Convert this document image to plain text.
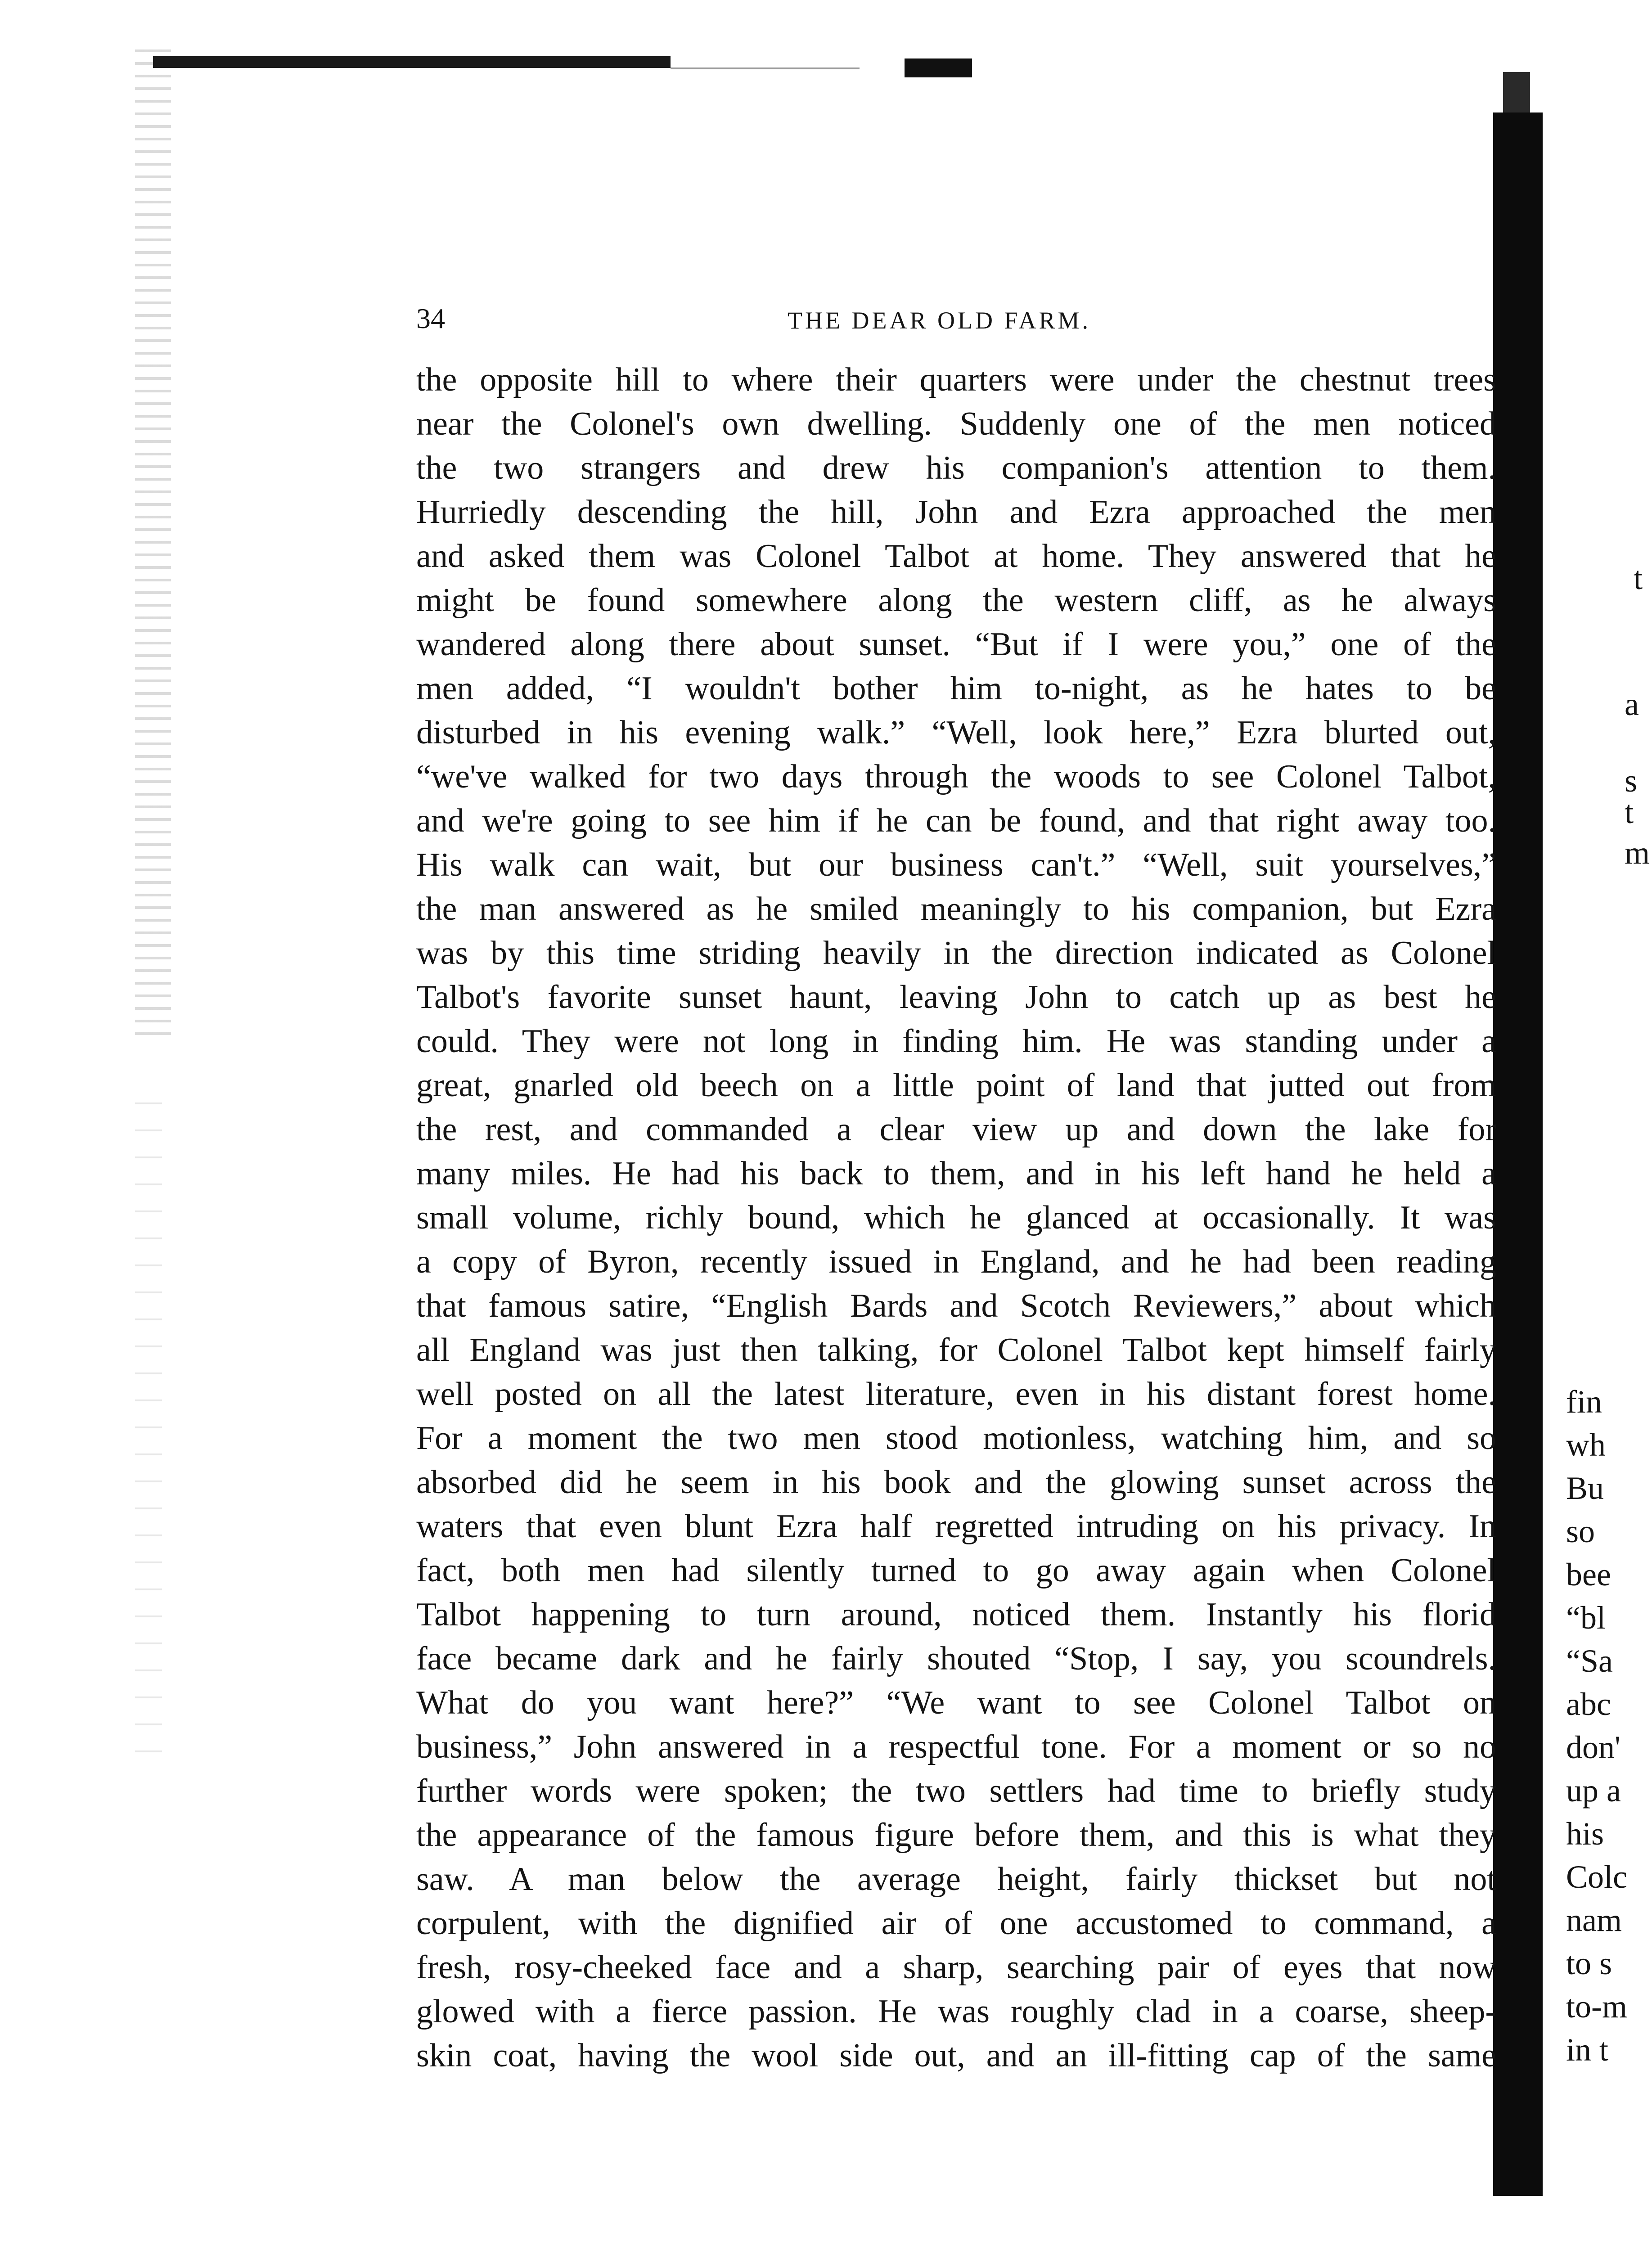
34	THE DEAR OLD FARM.
the opposite hill to where their quarters were under the chestnut trees
near the Colonel's own dwelling. Suddenly one of the men noticed
the two strangers and drew his companion's attention to them.
Hurriedly descending the hill, John and Ezra approached the men
and asked them was Colonel Talbot at home. They answered that he
might be found somewhere along the western cliff, as he always
wandered along there about sunset. “But if I were you,” one of the
men added, “I wouldn't bother him to-night, as he hates to be
disturbed in his evening walk.” “Well, look here,” Ezra blurted out,
“we've walked for two days through the woods to see Colonel Talbot,
and we're going to see him if he can be found, and that right away too.
His walk can wait, but our business can't.” “Well, suit yourselves,”
the man answered as he smiled meaningly to his companion, but Ezra
was by this time striding heavily in the direction indicated as Colonel
Talbot's favorite sunset haunt, leaving John to catch up as best he
could. They were not long in finding him. He was standing under a
great, gnarled old beech on a little point of land that jutted out from
the rest, and commanded a clear view up and down the lake for
many miles. He had his back to them, and in his left hand he held a
small volume, richly bound, which he glanced at occasionally. It was
a copy of Byron, recently issued in England, and he had been reading
that famous satire, “English Bards and Scotch Reviewers,” about which
all England was just then talking, for Colonel Talbot kept himself fairly
well posted on all the latest literature, even in his distant forest home.
For a moment the two men stood motionless, watching him, and so
absorbed did he seem in his book and the glowing sunset across the
waters that even blunt Ezra half regretted intruding on his privacy. In
fact, both men had silently turned to go away again when Colonel
Talbot happening to turn around, noticed them. Instantly his florid
face became dark and he fairly shouted “Stop, I say, you scoundrels.
What do you want here?” “We want to see Colonel Talbot on
business,” John answered in a respectful tone. For a moment or so no
further words were spoken; the two settlers had time to briefly study
the appearance of the famous figure before them, and this is what they
saw. A man below the average height, fairly thickset but not
corpulent, with the dignified air of one accustomed to command, a
fresh, rosy-cheeked face and a sharp, searching pair of eyes that now
glowed with a fierce passion. He was roughly clad in a coarse, sheep-
skin coat, having the wool side out, and an ill-fitting cap of the same
t
a
s
t
m
fin
wh
Bu
so
bee
“bl
“Sa
abc
don'
up a
his
Colc
nam
to s
to-m
in t
